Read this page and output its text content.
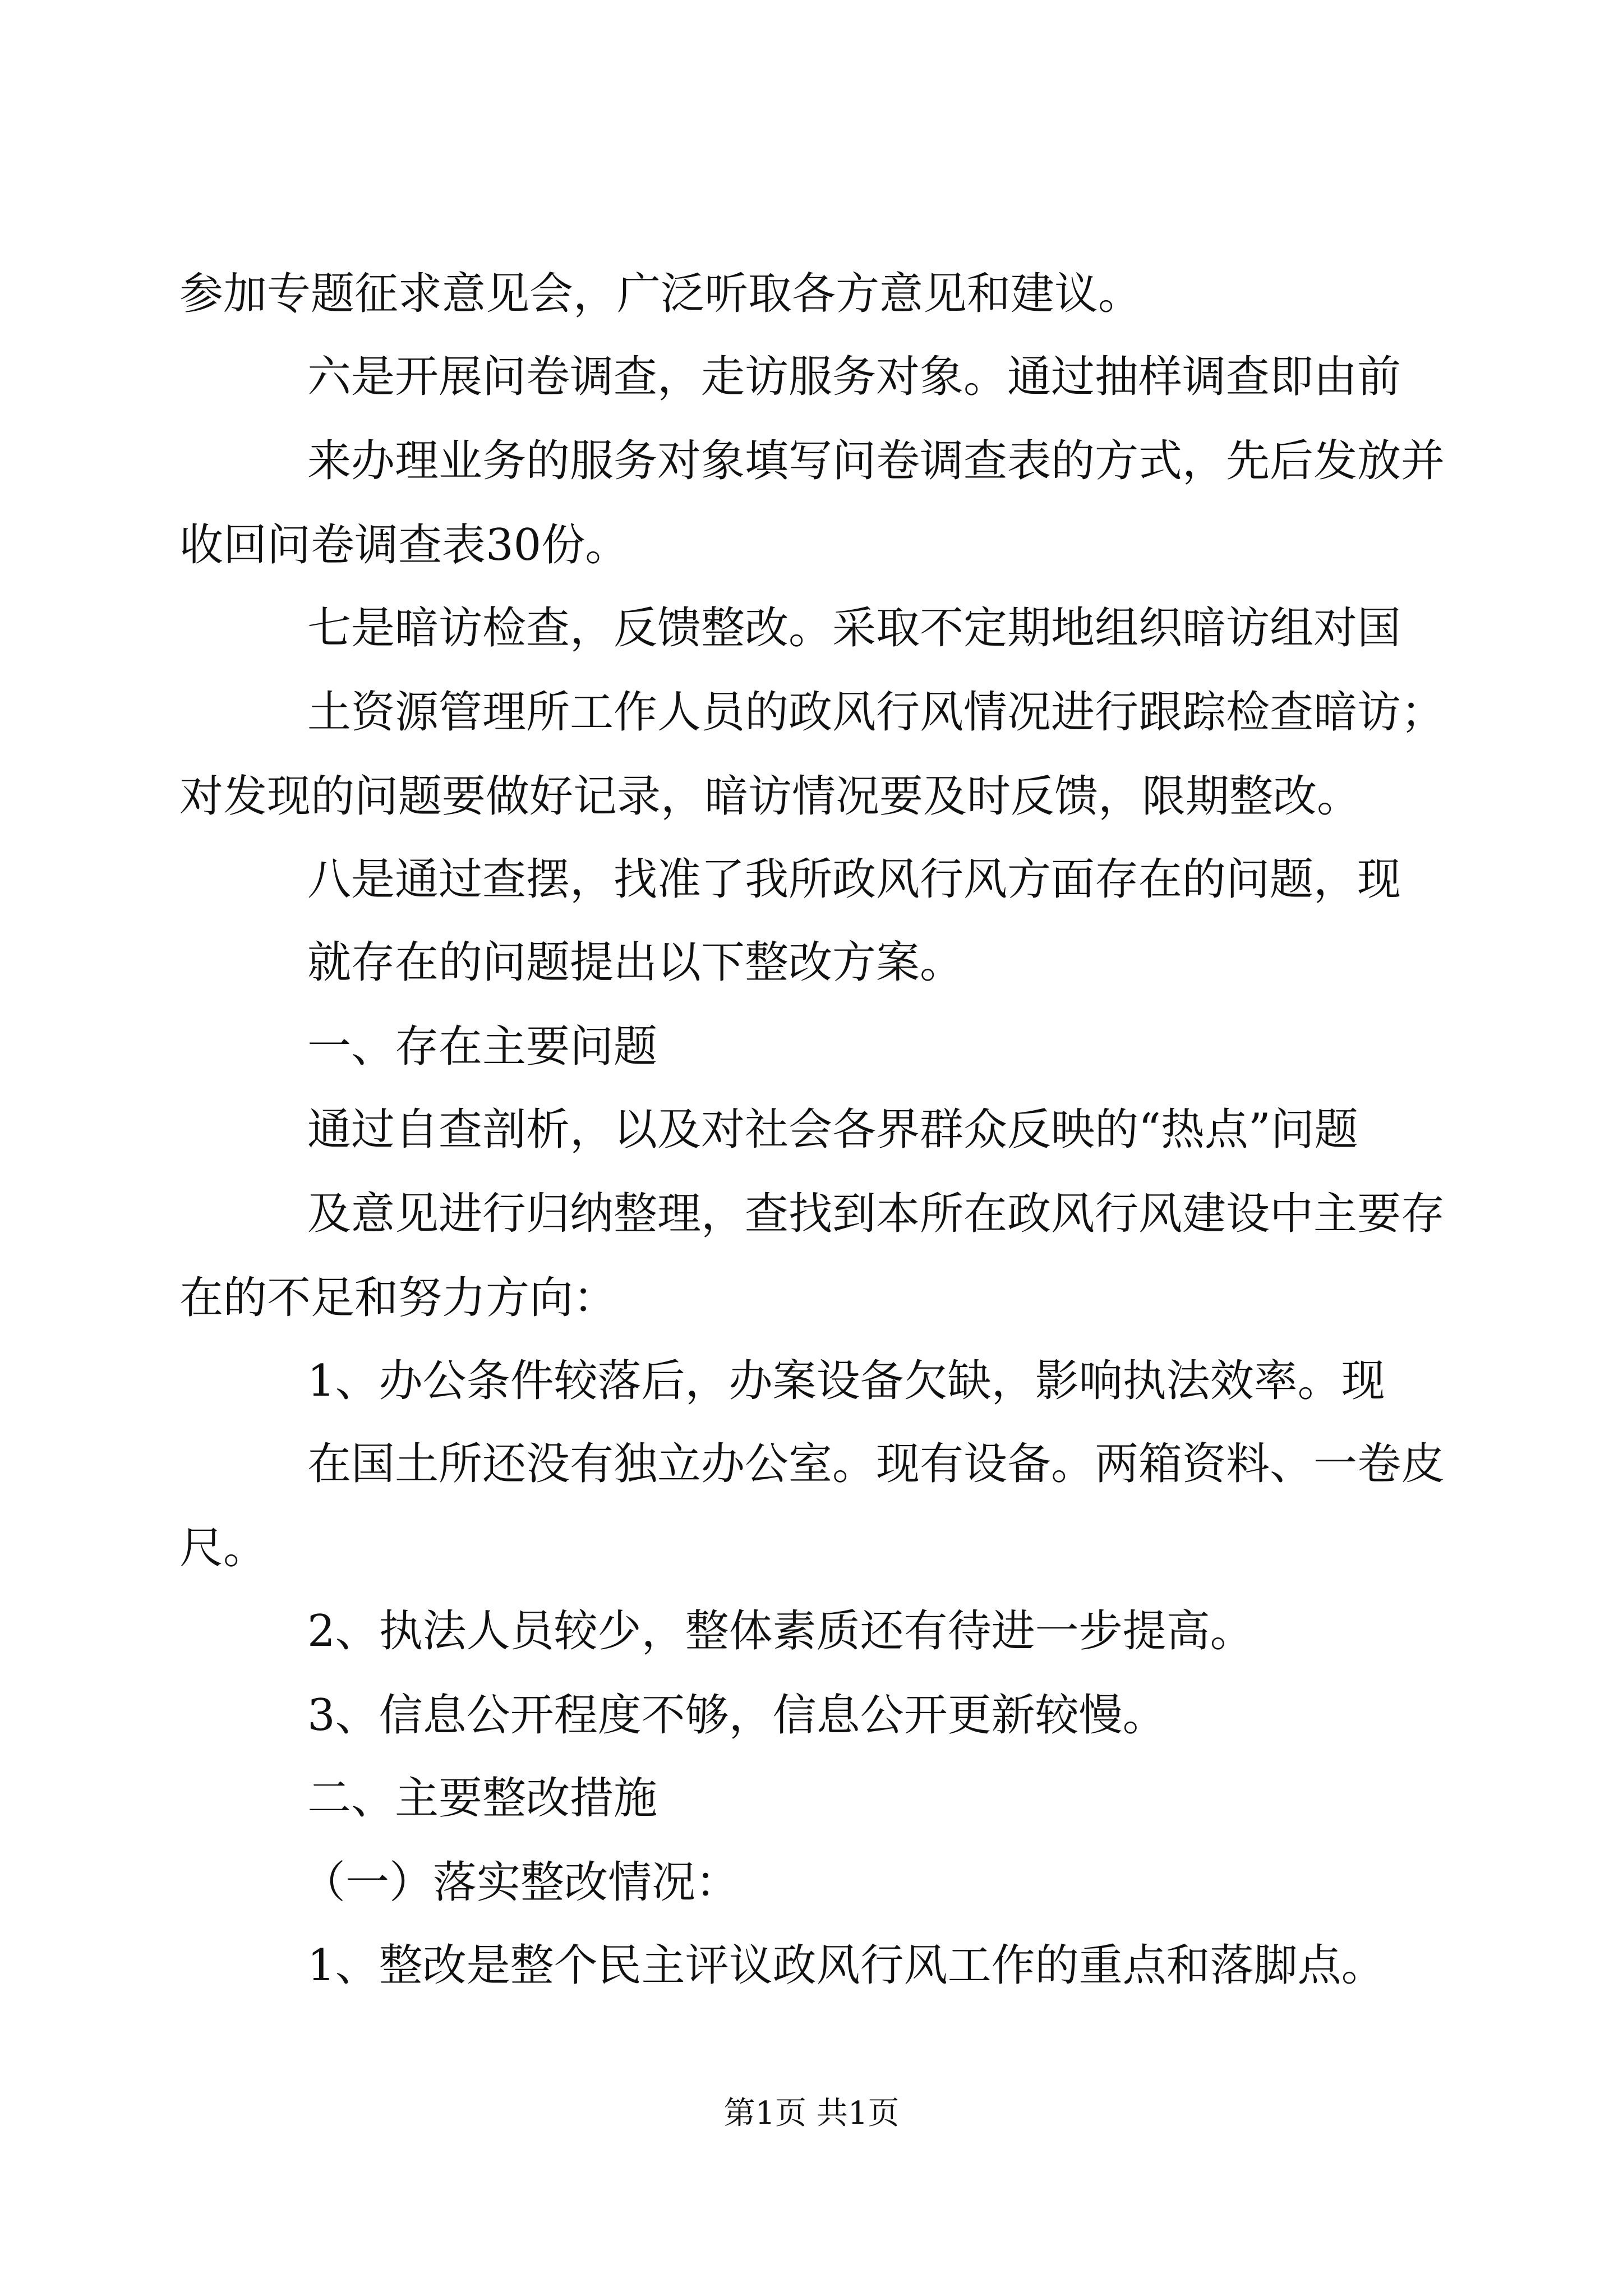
参加专题征求意见会，广泛听取各方意见和建议。
六是开展问卷调查，走访服务对象。通过抽样调查即由前
来办理业务的服务对象填写问卷调查表的方式，先后发放并
收回问卷调查表30份。
七是暗访检查，反馈整改。采取不定期地组织暗访组对国
土资源管理所工作人员的政风行风情况进行跟踪检查暗访；
对发现的问题要做好记录，暗访情况要及时反馈，限期整改。
八是通过查摆，找准了我所政风行风方面存在的问题，现
就存在的问题提出以下整改方案。
一、存在主要问题
通过自查剖析，以及对社会各界群众反映的“热点”问题
及意见进行归纳整理，查找到本所在政风行风建设中主要存
在的不足和努力方向：
1、办公条件较落后，办案设备欠缺，影响执法效率。现
在国土所还没有独立办公室。现有设备。两箱资料、一卷皮
尺。
2、执法人员较少，整体素质还有待进一步提高。
3、信息公开程度不够，信息公开更新较慢。
二、主要整改措施
（一）落实整改情况：
1、整改是整个民主评议政风行风工作的重点和落脚点。
第1页 共1页
